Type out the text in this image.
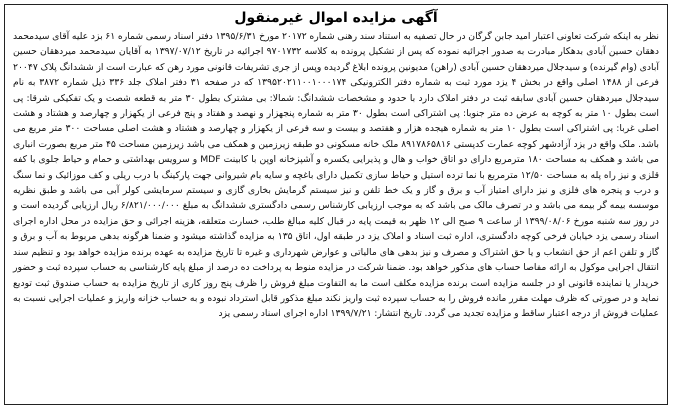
آگهی مزایده اموال غیرمنقول

نظر به اینکه شرکت تعاونی اعتبار امید جابن گرگان در حال تصفیه به استناد سند رهنی شماره ۲۰۱۷۲ مورخ ۱۳۹۵/۶/۳۱ دفتر اسناد رسمی شماره ۶۱ بزد علیه آقای سیدمحمد دهقان حسین آبادی بدهکار مبادرت به صدور اجرائیه نموده که پس از تشکیل پرونده به کلاسه ۹۷۰۱۷۳۲ اجرائیه در تاریخ ۱۳۹۷/۰۷/۱۲ به آقایان سیدمحمد میردهقان حسین آبادی (وام گیرنده) و سیدجلال میردهقان حسین آبادی (راهن) مدیونین پرونده ابلاغ گردیده وپس از جری تشریفات قانونی مورد رهن که عبارت است از ششدانگ پلاک ۲۰۰۴۷ فرعی از ۱۴۸۸ اصلی واقع در بخش ۴ یزد مورد ثبت به شماره دفتر الکترونیکی ۱۳۹۵۲۰۲۱۱۰۰۱۰۰۰۱۷۴ که در صفحه ۳۱ دفتر املاک جلد ۳۳۶ ذیل شماره ۳۸۷۲ به نام سیدجلال میردهقان حسین آبادی سابقه ثبت در دفتر املاک دارد با حدود و مشخصات ششدانگ: شمالا: بی مشترک بطول ۳۰ متر به قطعه شصت و یک تفکیکی شرقا: پی است بطول ۱۰ متر به کوچه به عرض ده متر جنوبا: پی اشتراکی است بطول ۳۰ متر به شماره پنجهزار و نهصد و هفتاد و پنج فرعی از یکهزار و چهارصد و هشتاد و هشت اصلی غربا: پی اشتراکی است بطول ۱۰ متر به شماره هیجده هزار و هفتصد و بیست و سه فرعی از یکهزار و چهارصد و هشتاد و هشت اصلی مساحت ۳۰۰ متر مربع می باشد. ملک واقع در یزد آزادشهر کوچه عمارت کدپستی ۸۹۱۷۸۶۵۸۱۶ ملک خانه مسکونی دو طبقه زیرزمین و همکف می باشد زیرزمین مساحت ۴۵ متر مربع بصورت انباری می باشد و همکف به مساحت ۱۸۰ مترمربع دارای دو اتاق خواب و هال و پذیرایی یکسره و آشپزخانه اوپن با کابینت MDF و سرویس بهداشتی و حمام و حیاط جلوی با کفه قلزی و نیز راه پله به مساحت ۱۲/۵۰ مترمربع با نما ترده استیل و حیاط سازی تکمیل دارای باغچه و سایه بام شیروانی جهت پارکینگ با درب ریلی و کف موزائیک و نما سنگ و درب و پنجره های فلزی و نیز دارای امتیاز آب و برق و گاز و یک خط تلفن و نیز سیستم گرمایش بخاری گازی و سیستم سرمایشی کولر آبی می باشد و طبق نظریه موسسه بیمه گر بیمه می باشد و در تصرف مالک می باشد که به موجب ارزیابی کارشناس رسمی دادگستری ششدانگ به مبلغ ۶/۸۲۱/۰۰۰/۰۰۰ ریال ارزیابی گردیده است و در روز سه شنبه مورخ ۱۳۹۹/۰۸/۰۶ از ساعت ۹ صبح الی ۱۲ ظهر به قیمت پایه در قبال کلیه مبالغ طلب، خسارت متعلقه، هزینه اجرائی و حق مزایده در محل اداره اجرای اسناد رسمی یزد خیابان فرخی کوچه دادگستری، اداره ثبت اسناد و املاک یزد در طبقه اول، اتاق ۱۳۵ به مزایده گذاشته میشود و ضمنا هرگونه بدهی مربوط به آب و برق و گاز و تلفن اعم از حق انشعاب و یا حق اشتراک و مصرف و نیز بدهی های مالیاتی و عوارض شهرداری و غیره تا تاریخ مزایده به عهده برنده مزایده خواهد بود و تنظیم سند انتقال اجرایی موکول به ارائه مفاصا حساب های مذکور خواهد بود. ضمنا شرکت در مزایده منوط به پرداخت ده درصد از مبلغ پایه کارشناسی به حساب سپرده ثبت و حضور خریدار یا نماینده قانونی او در جلسه مزایده است برنده مزایده مکلف است ما به التفاوت مبلغ فروش را ظرف پنج روز کاری از تاریخ مزایده به حساب صندوق ثبت تودیع نماید و در صورتی که ظرف مهلت مقرر مانده فروش را به حساب سپرده ثبت واریز نکند مبلغ مذکور قابل استرداد نبوده و به حساب خزانه واریز و عملیات اجرایی نسبت به عملیات فروش از درجه اعتبار ساقط و مزایده تجدید می گردد. تاریخ انتشار: ۱۳۹۹/۷/۲۱ اداره اجرای اسناد رسمی یزد
